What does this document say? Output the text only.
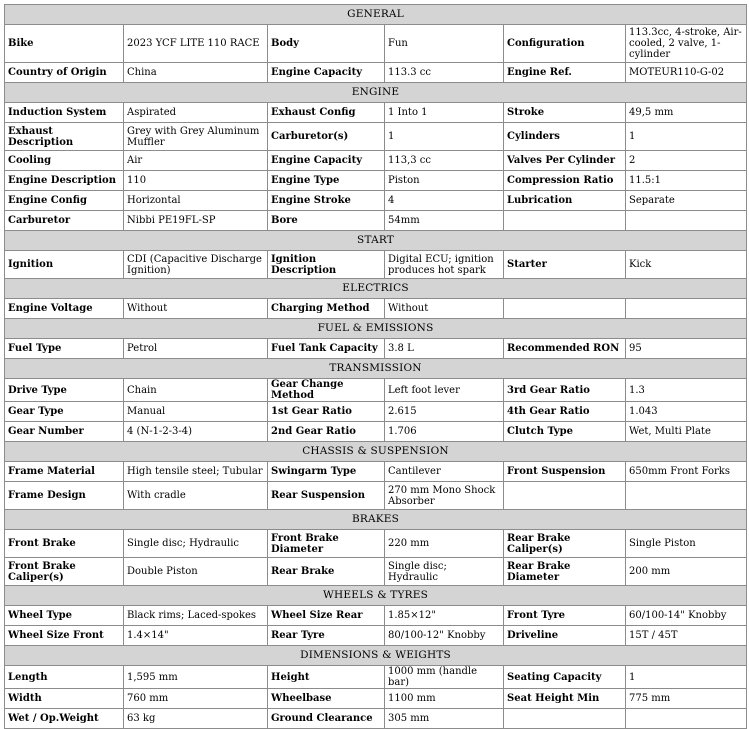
GENERAL					
Bike	2023 YCF LITE 110 RACE	Body	Fun	Configuration	113.3cc, 4-stroke, Air-cooled, 2 valve, 1-cylinder
Country of Origin	China	Engine Capacity	113.3 cc	Engine Ref.	MOTEUR110-G-02
ENGINE					
Induction System	Aspirated	Exhaust Config	1 Into 1	Stroke	49,5 mm
Exhaust Description	Grey with Grey Aluminum Muffler	Carburetor(s)	1	Cylinders	1
Cooling	Air	Engine Capacity	113,3 cc	Valves Per Cylinder	2
Engine Description	110	Engine Type	Piston	Compression Ratio	11.5:1
Engine Config	Horizontal	Engine Stroke	4	Lubrication	Separate
Carburetor	Nibbi PE19FL-SP	Bore	54mm		
START					
Ignition	CDI (Capacitive Discharge Ignition)	Ignition Description	Digital ECU; ignition produces hot spark	Starter	Kick
ELECTRICS					
Engine Voltage	Without	Charging Method	Without		
FUEL & EMISSIONS					
Fuel Type	Petrol	Fuel Tank Capacity	3.8 L	Recommended RON	95
TRANSMISSION					
Drive Type	Chain	Gear Change Method	Left foot lever	3rd Gear Ratio	1.3
Gear Type	Manual	1st Gear Ratio	2.615	4th Gear Ratio	1.043
Gear Number	4 (N-1-2-3-4)	2nd Gear Ratio	1.706	Clutch Type	Wet, Multi Plate
CHASSIS & SUSPENSION					
Frame Material	High tensile steel; Tubular	Swingarm Type	Cantilever	Front Suspension	650mm Front Forks
Frame Design	With cradle	Rear Suspension	270 mm Mono Shock Absorber		
BRAKES					
Front Brake	Single disc; Hydraulic	Front Brake Diameter	220 mm	Rear Brake Caliper(s)	Single Piston
Front Brake Caliper(s)	Double Piston	Rear Brake	Single disc; Hydraulic	Rear Brake Diameter	200 mm
WHEELS & TYRES					
Wheel Type	Black rims; Laced-spokes	Wheel Size Rear	1.85×12"	Front Tyre	60/100-14" Knobby
Wheel Size Front	1.4×14"	Rear Tyre	80/100-12" Knobby	Driveline	15T / 45T
DIMENSIONS & WEIGHTS					
Length	1,595 mm	Height	1000 mm (handle bar)	Seating Capacity	1
Width	760 mm	Wheelbase	1100 mm	Seat Height Min	775 mm
Wet / Op.Weight	63 kg	Ground Clearance	305 mm		
